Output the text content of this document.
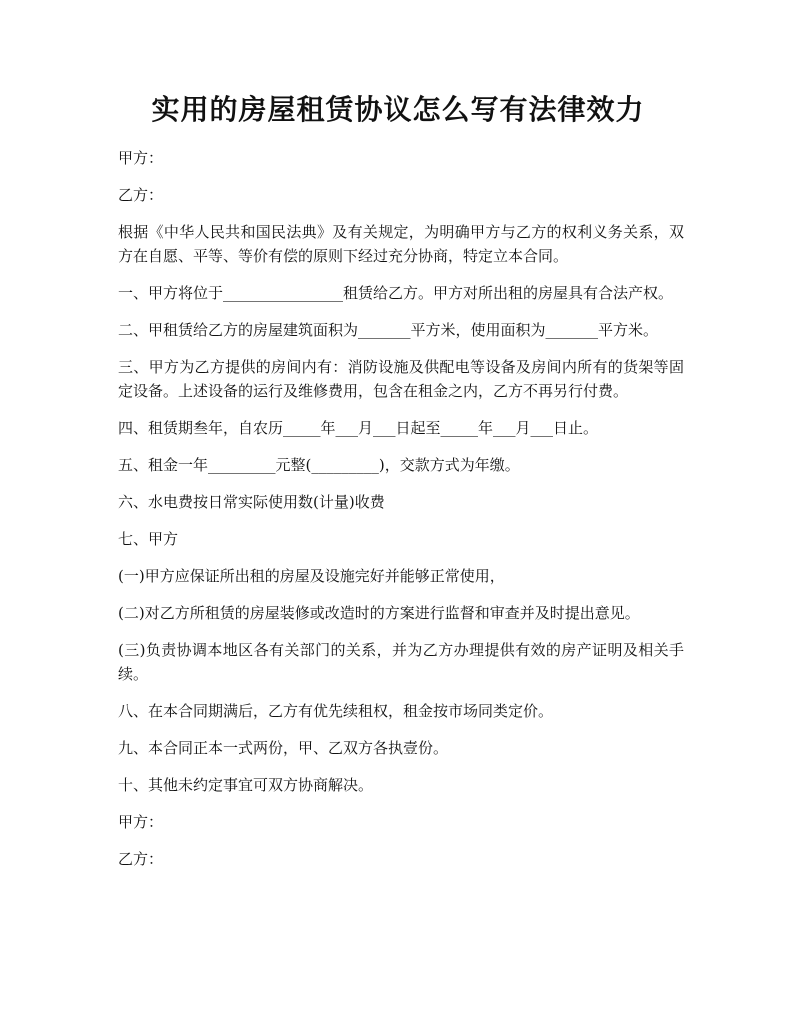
实用的房屋租赁协议怎么写有法律效力

甲方：

乙方：

根据《中华人民共和国民法典》及有关规定，为明确甲方与乙方的权利义务关系，双方在自愿、平等、等价有偿的原则下经过充分协商，特定立本合同。

一、甲方将位于________________租赁给乙方。甲方对所出租的房屋具有合法产权。

二、甲租赁给乙方的房屋建筑面积为_______平方米，使用面积为_______平方米。

三、甲方为乙方提供的房间内有：消防设施及供配电等设备及房间内所有的货架等固定设备。上述设备的运行及维修费用，包含在租金之内，乙方不再另行付费。

四、租赁期叁年，自农历_____年___月___日起至_____年___月___日止。

五、租金一年_________元整(_________)，交款方式为年缴。

六、水电费按日常实际使用数(计量)收费

七、甲方

(一)甲方应保证所出租的房屋及设施完好并能够正常使用，

(二)对乙方所租赁的房屋装修或改造时的方案进行监督和审查并及时提出意见。

(三)负责协调本地区各有关部门的关系，并为乙方办理提供有效的房产证明及相关手续。

八、在本合同期满后，乙方有优先续租权，租金按市场同类定价。

九、本合同正本一式两份，甲、乙双方各执壹份。

十、其他未约定事宜可双方协商解决。

甲方：

乙方：
